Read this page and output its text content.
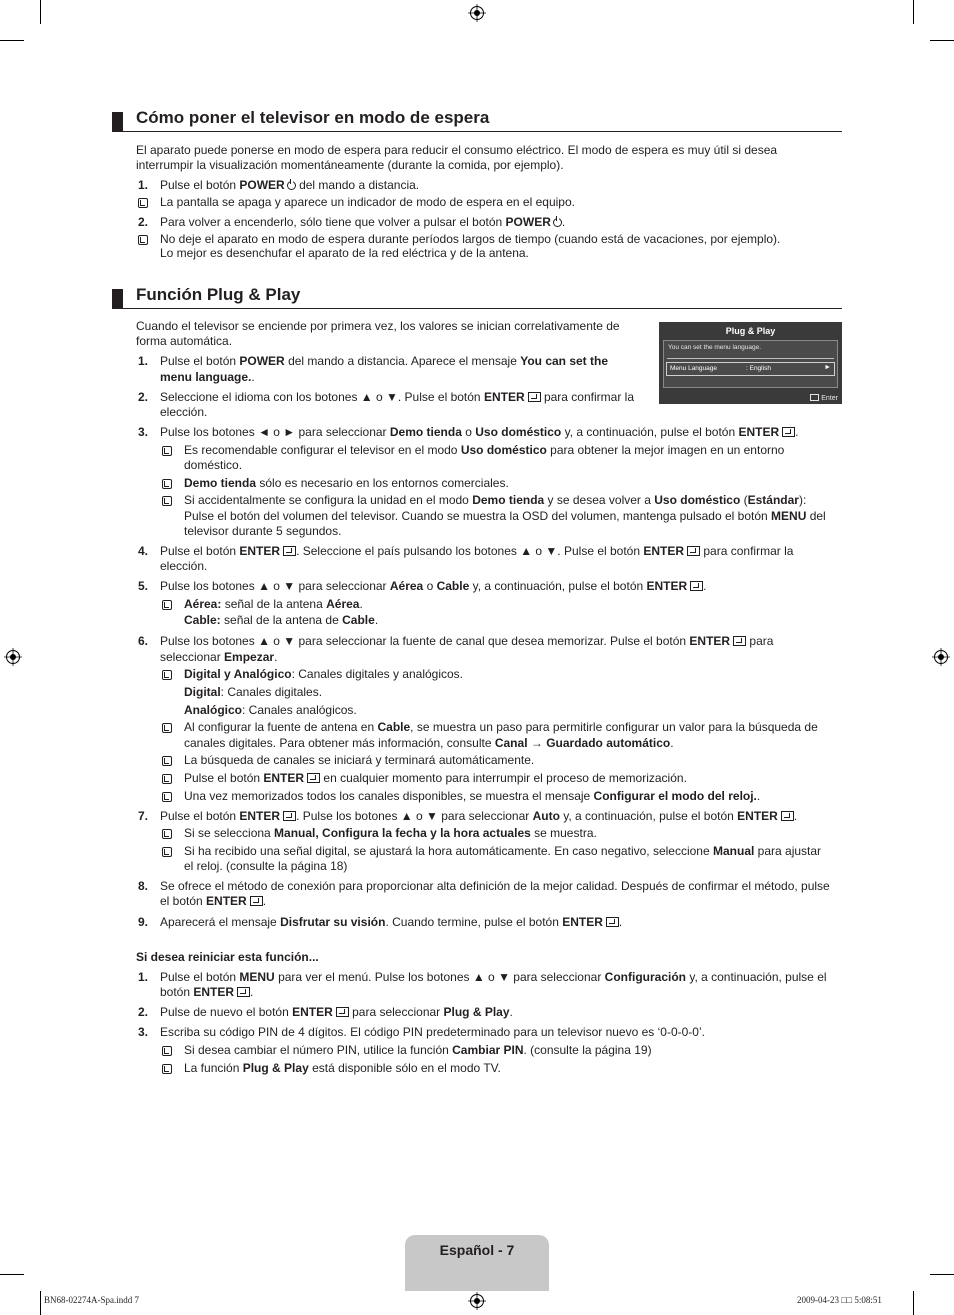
Cómo poner el televisor en modo de espera

El aparato puede ponerse en modo de espera para reducir el consumo eléctrico. El modo de espera es muy útil si desea

interrumpir la visualización momentáneamente (durante la comida, por ejemplo).

1. Pulse el botón POWER del mando a distancia.

La pantalla se apaga y aparece un indicador de modo de espera en el equipo.

2. Para volver a encenderlo, sólo tiene que volver a pulsar el botón POWER .

No deje el aparato en modo de espera durante períodos largos de tiempo (cuando está de vacaciones, por ejemplo).

Lo mejor es desenchufar el aparato de la red eléctrica y de la antena.

Función Plug & Play

Cuando el televisor se enciende por primera vez, los valores se inician correlativamente de

forma automática.

Plug & Play
You can set the menu language.
Menu Language	: English	►
Enter
1. Pulse el botón POWER del mando a distancia. Aparece el mensaje You can set the

menu language..

2. Seleccione el idioma con los botones ▲ o ▼. Pulse el botón ENTER para confirmar la

elección.

3. Pulse los botones ◄ o ► para seleccionar Demo tienda o Uso doméstico y, a continuación, pulse el botón ENTER .

Es recomendable configurar el televisor en el modo Uso doméstico para obtener la mejor imagen en un entorno

doméstico.

Demo tienda sólo es necesario en los entornos comerciales.

Si accidentalmente se configura la unidad en el modo Demo tienda y se desea volver a Uso doméstico (Estándar):

Pulse el botón del volumen del televisor. Cuando se muestra la OSD del volumen, mantenga pulsado el botón MENU del

televisor durante 5 segundos.

4. Pulse el botón ENTER . Seleccione el país pulsando los botones ▲ o ▼. Pulse el botón ENTER para confirmar la

elección.

5. Pulse los botones ▲ o ▼ para seleccionar Aérea o Cable y, a continuación, pulse el botón ENTER .

Aérea: señal de la antena Aérea.

Cable: señal de la antena de Cable.

6. Pulse los botones ▲ o ▼ para seleccionar la fuente de canal que desea memorizar. Pulse el botón ENTER para

seleccionar Empezar.

Digital y Analógico: Canales digitales y analógicos.

Digital: Canales digitales.

Analógico: Canales analógicos.

Al configurar la fuente de antena en Cable, se muestra un paso para permitirle configurar un valor para la búsqueda de

canales digitales. Para obtener más información, consulte Canal → Guardado automático.

La búsqueda de canales se iniciará y terminará automáticamente.

Pulse el botón ENTER en cualquier momento para interrumpir el proceso de memorización.

Una vez memorizados todos los canales disponibles, se muestra el mensaje Configurar el modo del reloj..

7. Pulse el botón ENTER . Pulse los botones ▲ o ▼ para seleccionar Auto y, a continuación, pulse el botón ENTER .

Si se selecciona Manual, Configura la fecha y la hora actuales se muestra.

Si ha recibido una señal digital, se ajustará la hora automáticamente. En caso negativo, seleccione Manual para ajustar

el reloj. (consulte la página 18)

8. Se ofrece el método de conexión para proporcionar alta definición de la mejor calidad. Después de confirmar el método, pulse

el botón ENTER .

9. Aparecerá el mensaje Disfrutar su visión. Cuando termine, pulse el botón ENTER .

Si desea reiniciar esta función...

1. Pulse el botón MENU para ver el menú. Pulse los botones ▲ o ▼ para seleccionar Configuración y, a continuación, pulse el

botón ENTER .

2. Pulse de nuevo el botón ENTER para seleccionar Plug & Play.

3. Escriba su código PIN de 4 dígitos. El código PIN predeterminado para un televisor nuevo es ‘0-0-0-0’.

Si desea cambiar el número PIN, utilice la función Cambiar PIN. (consulte la página 19)

La función Plug & Play está disponible sólo en el modo TV.

Español - 7
BN68-02274A-Spa.indd 7	2009-04-23 □□ 5:08:51
